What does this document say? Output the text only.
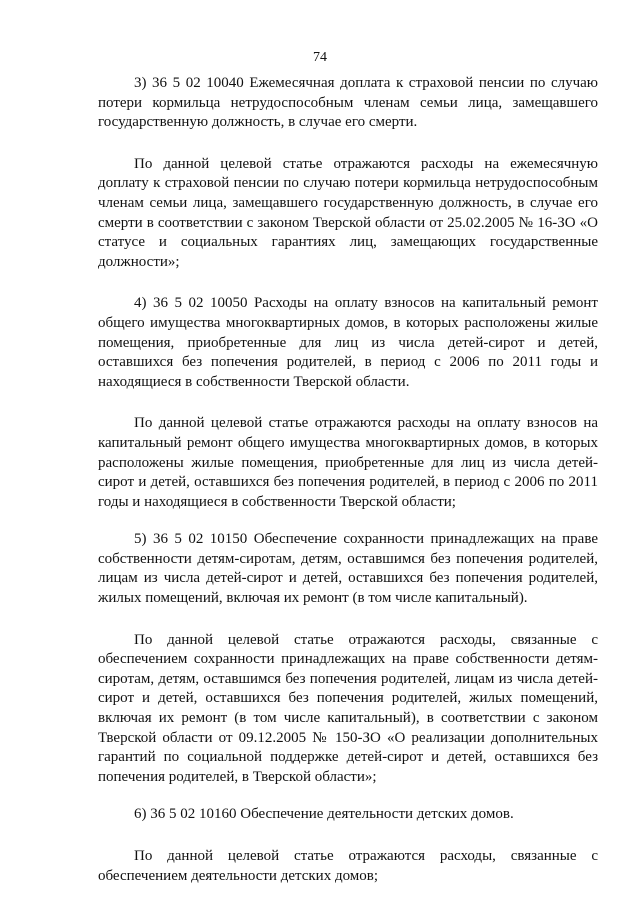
74

3) 36 5 02 10040 Ежемесячная доплата к страховой пенсии по случаю потери кормильца нетрудоспособным членам семьи лица, замещавшего государственную должность, в случае его смерти.

По данной целевой статье отражаются расходы на ежемесячную доплату к страховой пенсии по случаю потери кормильца нетрудоспособным членам семьи лица, замещавшего государственную должность, в случае его смерти в соответствии с законом Тверской области от 25.02.2005 № 16-ЗО «О статусе и социальных гарантиях лиц, замещающих государственные должности»;

4) 36 5 02 10050 Расходы на оплату взносов на капитальный ремонт общего имущества многоквартирных домов, в которых расположены жилые помещения, приобретенные для лиц из числа детей-сирот и детей, оставшихся без попечения родителей, в период с 2006 по 2011 годы и находящиеся в собственности Тверской области.

По данной целевой статье отражаются расходы на оплату взносов на капитальный ремонт общего имущества многоквартирных домов, в которых расположены жилые помещения, приобретенные для лиц из числа детей-сирот и детей, оставшихся без попечения родителей, в период с 2006 по 2011 годы и находящиеся в собственности Тверской области;

5) 36 5 02 10150 Обеспечение сохранности принадлежащих на праве собственности детям-сиротам, детям, оставшимся без попечения родителей, лицам из числа детей-сирот и детей, оставшихся без попечения родителей, жилых помещений, включая их ремонт (в том числе капитальный).

По данной целевой статье отражаются расходы, связанные с обеспечением сохранности принадлежащих на праве собственности детям-сиротам, детям, оставшимся без попечения родителей, лицам из числа детей-сирот и детей, оставшихся без попечения родителей, жилых помещений, включая их ремонт (в том числе капитальный), в соответствии с законом Тверской области от 09.12.2005 № 150-ЗО «О реализации дополнительных гарантий по социальной поддержке детей-сирот и детей, оставшихся без попечения родителей, в Тверской области»;

6) 36 5 02 10160 Обеспечение деятельности детских домов.

По данной целевой статье отражаются расходы, связанные с обеспечением деятельности детских домов;
